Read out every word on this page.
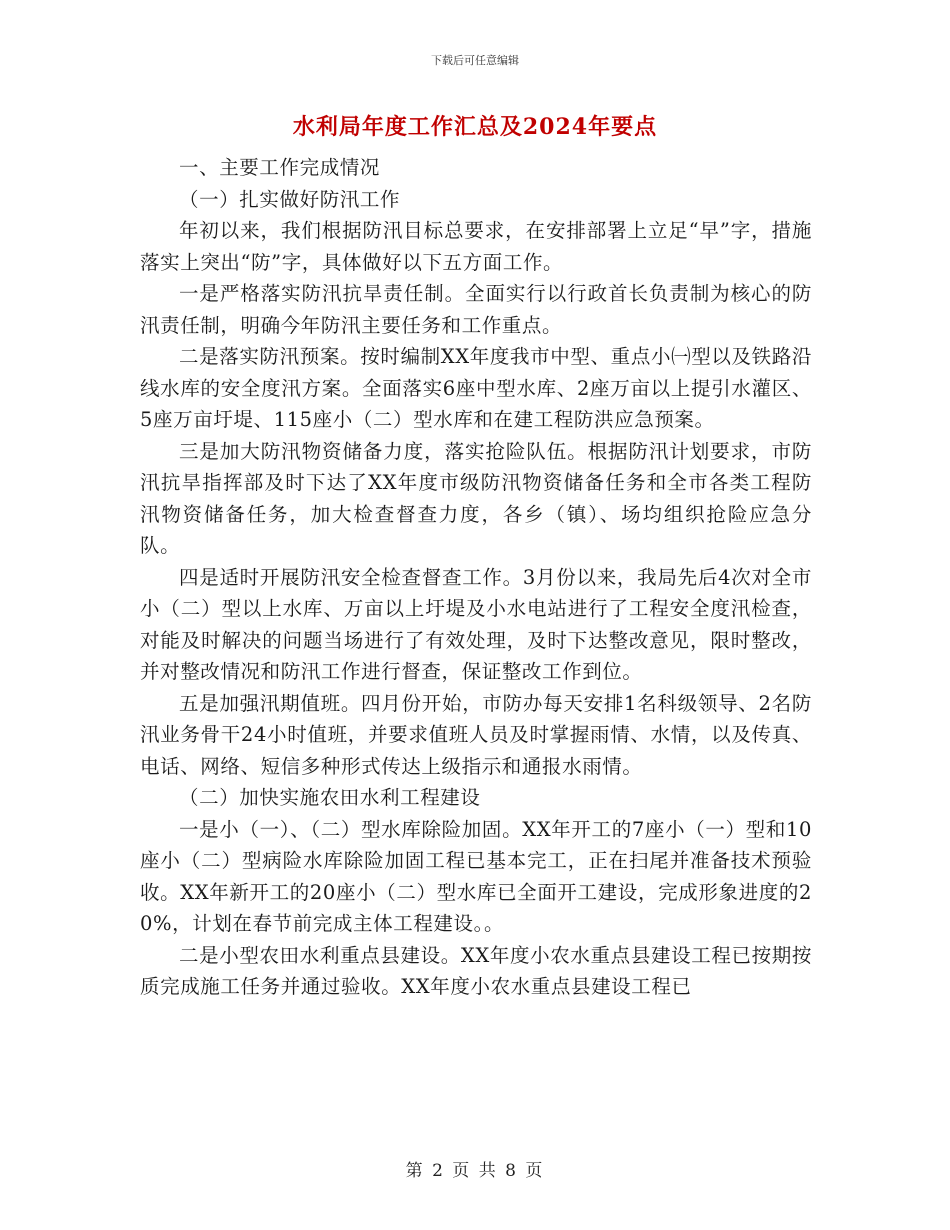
下载后可任意编辑
水利局年度工作汇总及2024年要点

一、主要工作完成情况

（一）扎实做好防汛工作

年初以来，我们根据防汛目标总要求，在安排部署上立足“早”字，措施落实上突出“防”字，具体做好以下五方面工作。

一是严格落实防汛抗旱责任制。全面实行以行政首长负责制为核心的防汛责任制，明确今年防汛主要任务和工作重点。

二是落实防汛预案。按时编制XX年度我市中型、重点小㈠型以及铁路沿线水库的安全度汛方案。全面落实6座中型水库、2座万亩以上提引水灌区、5座万亩圩堤、115座小（二）型水库和在建工程防洪应急预案。

三是加大防汛物资储备力度，落实抢险队伍。根据防汛计划要求，市防汛抗旱指挥部及时下达了XX年度市级防汛物资储备任务和全市各类工程防汛物资储备任务，加大检查督查力度，各乡（镇）、场均组织抢险应急分队。

四是适时开展防汛安全检查督查工作。3月份以来，我局先后4次对全市小（二）型以上水库、万亩以上圩堤及小水电站进行了工程安全度汛检查，对能及时解决的问题当场进行了有效处理，及时下达整改意见，限时整改，并对整改情况和防汛工作进行督查，保证整改工作到位。

五是加强汛期值班。四月份开始，市防办每天安排1名科级领导、2名防汛业务骨干24小时值班，并要求值班人员及时掌握雨情、水情，以及传真、电话、网络、短信多种形式传达上级指示和通报水雨情。

（二）加快实施农田水利工程建设

一是小（一）、（二）型水库除险加固。XX年开工的7座小（一）型和10座小（二）型病险水库除险加固工程已基本完工，正在扫尾并准备技术预验收。XX年新开工的20座小（二）型水库已全面开工建设，完成形象进度的20%，计划在春节前完成主体工程建设。。

二是小型农田水利重点县建设。XX年度小农水重点县建设工程已按期按质完成施工任务并通过验收。XX年度小农水重点县建设工程已

第 2 页 共 8 页
